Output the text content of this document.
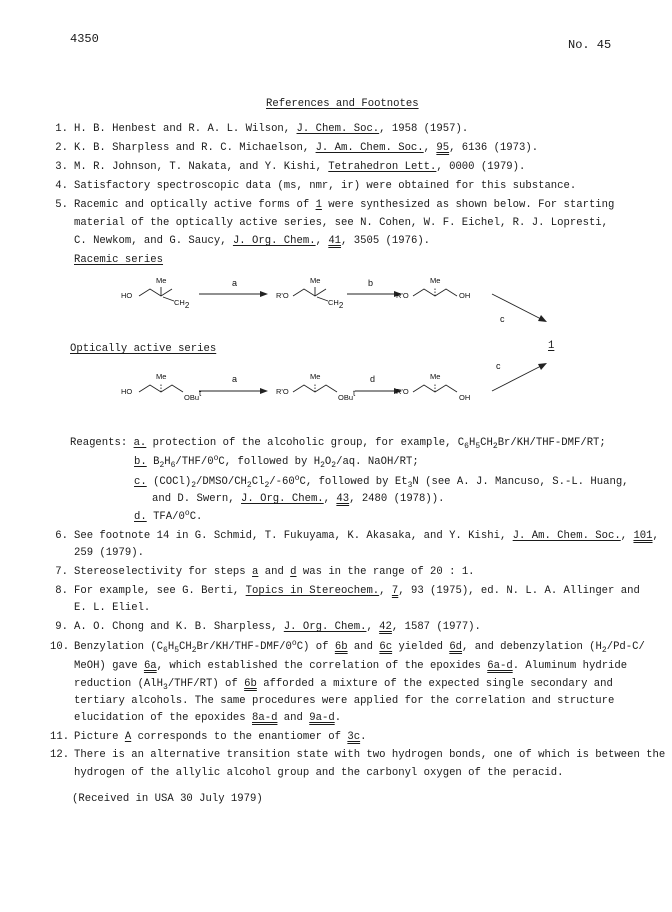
4350	No. 45
References and Footnotes
1. H. B. Henbest and R. A. L. Wilson, J. Chem. Soc., 1958 (1957).
2. K. B. Sharpless and R. C. Michaelson, J. Am. Chem. Soc., 95, 6136 (1973).
3. M. R. Johnson, T. Nakata, and Y. Kishi, Tetrahedron Lett., 0000 (1979).
4. Satisfactory spectroscopic data (ms, nmr, ir) were obtained for this substance.
5. Racemic and optically active forms of 1 were synthesized as shown below. For starting
material of the optically active series, see N. Cohen, W. F. Eichel, R. J. Lopresti,
C. Newkom, and G. Saucy, J. Org. Chem., 41, 3505 (1976).
Racemic series
Optically active series	1
Me
HO
$CH_2$
a	Me
R'O
$CH_2$
b	Me
R'O	OH
c
Me
HO
OBu$^t$
a	Me
R'O
OBu$^t$
d	Me
R'O
OH
c
Reagents: a. protection of the alcoholic group, for example, $C_6H_5CH_2Br/KH/THF-DMF/RT$;
b. $B_2H_6/THF/0^oC$, followed by $H_2O_2/aq$. NaOH/RT;
c. $(COCl)_2/DMSO/CH_2Cl_2/-60^oC$, followed by $Et_3N$ (see A. J. Mancuso, S.-L. Huang,
and D. Swern, J. Org. Chem., 43, 2480 (1978)).
d. TFA/0$^o$C.
6. See footnote 14 in G. Schmid, T. Fukuyama, K. Akasaka, and Y. Kishi, J. Am. Chem. Soc., 101,
259 (1979).
7. Stereoselectivity for steps a and d was in the range of 20 : 1.
8. For example, see G. Berti, Topics in Stereochem., 7, 93 (1975), ed. N. L. A. Allinger and
E. L. Eliel.
9. A. O. Chong and K. B. Sharpless, J. Org. Chem., 42, 1587 (1977).
10. Benzylation $(C_6H_5CH_2Br/KH/THF-DMF/0^oC)$ of 6b and 6c yielded 6d, and debenzylation ($H_2/Pd-C/$
MeOH) gave 6a, which established the correlation of the epoxides 6a-d. Aluminum hydride
reduction (AlH$_3$/THF/RT) of 6b afforded a mixture of the expected single secondary and
tertiary alcohols. The same procedures were applied for the correlation and structure
elucidation of the epoxides 8a-d and 9a-d.
11. Picture A corresponds to the enantiomer of 3c.
12. There is an alternative transition state with two hydrogen bonds, one of which is between the
hydrogen of the allylic alcohol group and the carbonyl oxygen of the peracid.
(Received in USA 30 July 1979)
